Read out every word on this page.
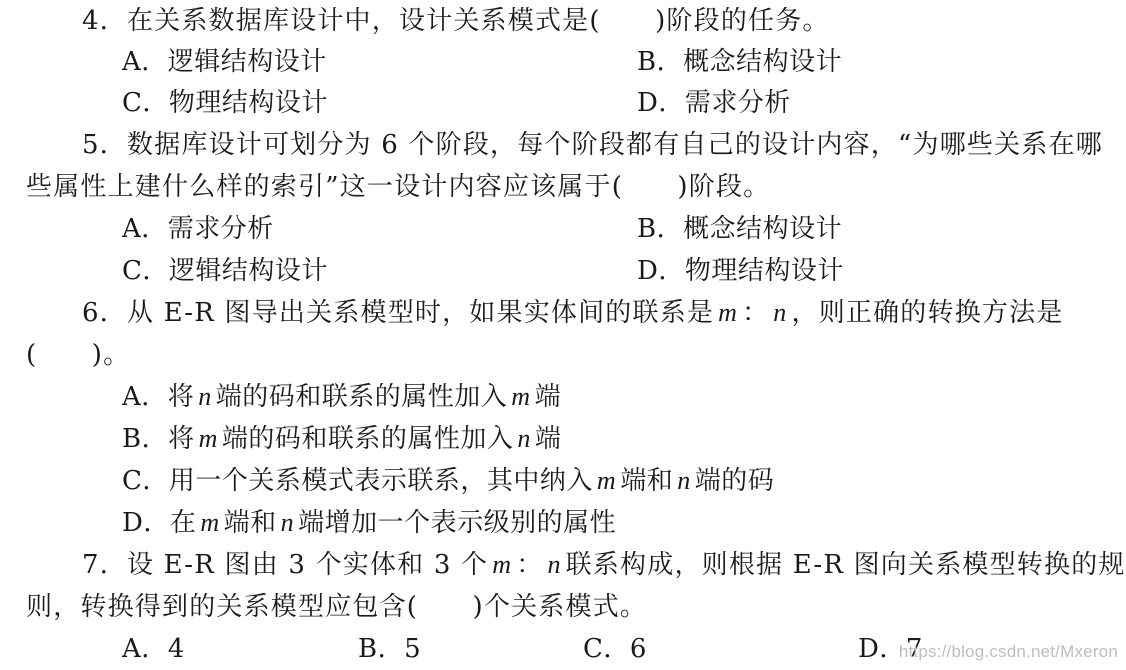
4．在关系数据库设计中，设计关系模式是(　　)阶段的任务。
A．逻辑结构设计	B．概念结构设计
C．物理结构设计	D．需求分析
5．数据库设计可划分为 6 个阶段，每个阶段都有自己的设计内容，“为哪些关系在哪
些属性上建什么样的索引”这一设计内容应该属于(　　)阶段。
A．需求分析	B．概念结构设计
C．逻辑结构设计	D．物理结构设计
6．从 E-R 图导出关系模型时，如果实体间的联系是 m ： n ，则正确的转换方法是
(　　)。
A．将 n 端的码和联系的属性加入 m 端
B．将 m 端的码和联系的属性加入 n 端
C．用一个关系模式表示联系，其中纳入 m 端和 n 端的码
D．在 m 端和 n 端增加一个表示级别的属性
7．设 E-R 图由 3 个实体和 3 个 m ： n 联系构成，则根据 E-R 图向关系模型转换的规
则，转换得到的关系模型应包含(　　)个关系模式。
A．4	B．5	C．6	D．7
https://blog.csdn.net/Mxeron
